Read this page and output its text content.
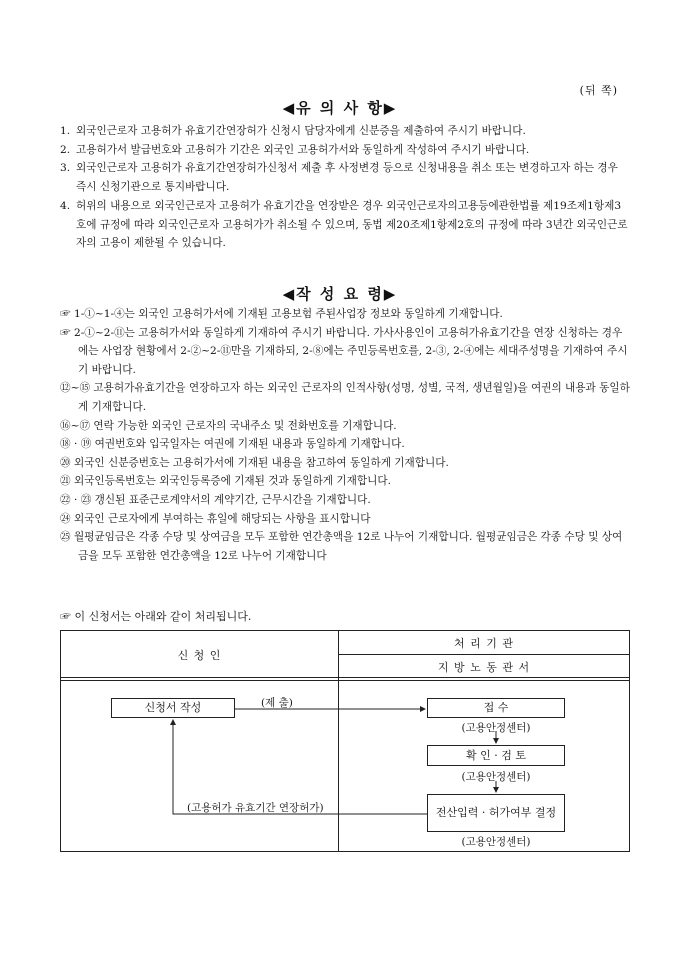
(뒤 쪽)
◀유 의 사 항▶
1. 외국인근로자 고용허가 유효기간연장허가 신청시 담당자에게 신분증을 제출하여 주시기 바랍니다.
2. 고용허가서 발급번호와 고용허가 기간은 외국인 고용허가서와 동일하게 작성하여 주시기 바랍니다.
3. 외국인근로자 고용허가 유효기간연장허가신청서 제출 후 사정변경 등으로 신청내용을 취소 또는 변경하고자 하는 경우 즉시 신청기관으로 통지바랍니다.
4. 허위의 내용으로 외국인근로자 고용허가 유효기간을 연장받은 경우 외국인근로자의고용등에관한법률 제19조제1항제3호에 규정에 따라 외국인근로자 고용허가가 취소될 수 있으며, 동법 제20조제1항제2호의 규정에 따라 3년간 외국인근로자의 고용이 제한될 수 있습니다.
◀작 성 요 령▶
☞ 1-①~1-④는 외국인 고용허가서에 기재된 고용보험 주된사업장 정보와 동일하게 기재합니다.
☞ 2-①~2-⑪는 고용허가서와 동일하게 기재하여 주시기 바랍니다. 가사사용인이 고용허가유효기간을 연장 신청하는 경우에는 사업장 현황에서 2-②~2-⑪만을 기재하되, 2-⑧에는 주민등록번호를, 2-③, 2-④에는 세대주성명을 기재하여 주시기 바랍니다.
⑫~⑮ 고용허가유효기간을 연장하고자 하는 외국인 근로자의 인적사항(성명, 성별, 국적, 생년월일)을 여권의 내용과 동일하게 기재합니다.
⑯~⑰ 연락 가능한 외국인 근로자의 국내주소 및 전화번호를 기재합니다.
⑱ · ⑲ 여권번호와 입국일자는 여권에 기재된 내용과 동일하게 기재합니다.
⑳ 외국인 신분증번호는 고용허가서에 기재된 내용을 참고하여 동일하게 기재합니다.
㉑ 외국인등록번호는 외국인등록증에 기재된 것과 동일하게 기재합니다.
㉒ · ㉓ 갱신된 표준근로계약서의 계약기간, 근무시간을 기재합니다.
㉔ 외국인 근로자에게 부여하는 휴일에 해당되는 사항을 표시합니다
㉕ 월평균임금은 각종 수당 및 상여금을 모두 포함한 연간총액을 12로 나누어 기재합니다. 월평균임금은 각종 수당 및 상여금을 모두 포함한 연간총액을 12로 나누어 기재합니다
☞ 이 신청서는 아래와 같이 처리됩니다.
신 청 인
처 리 기 관
지 방 노 동 관 서
신청서 작성	(제 출)	접 수
(고용안정센터)
확 인 · 검 토
(고용안정센터)
전산입력 · 허가여부 결정
(고용안정센터)
(고용허가 유효기간 연장허가)
